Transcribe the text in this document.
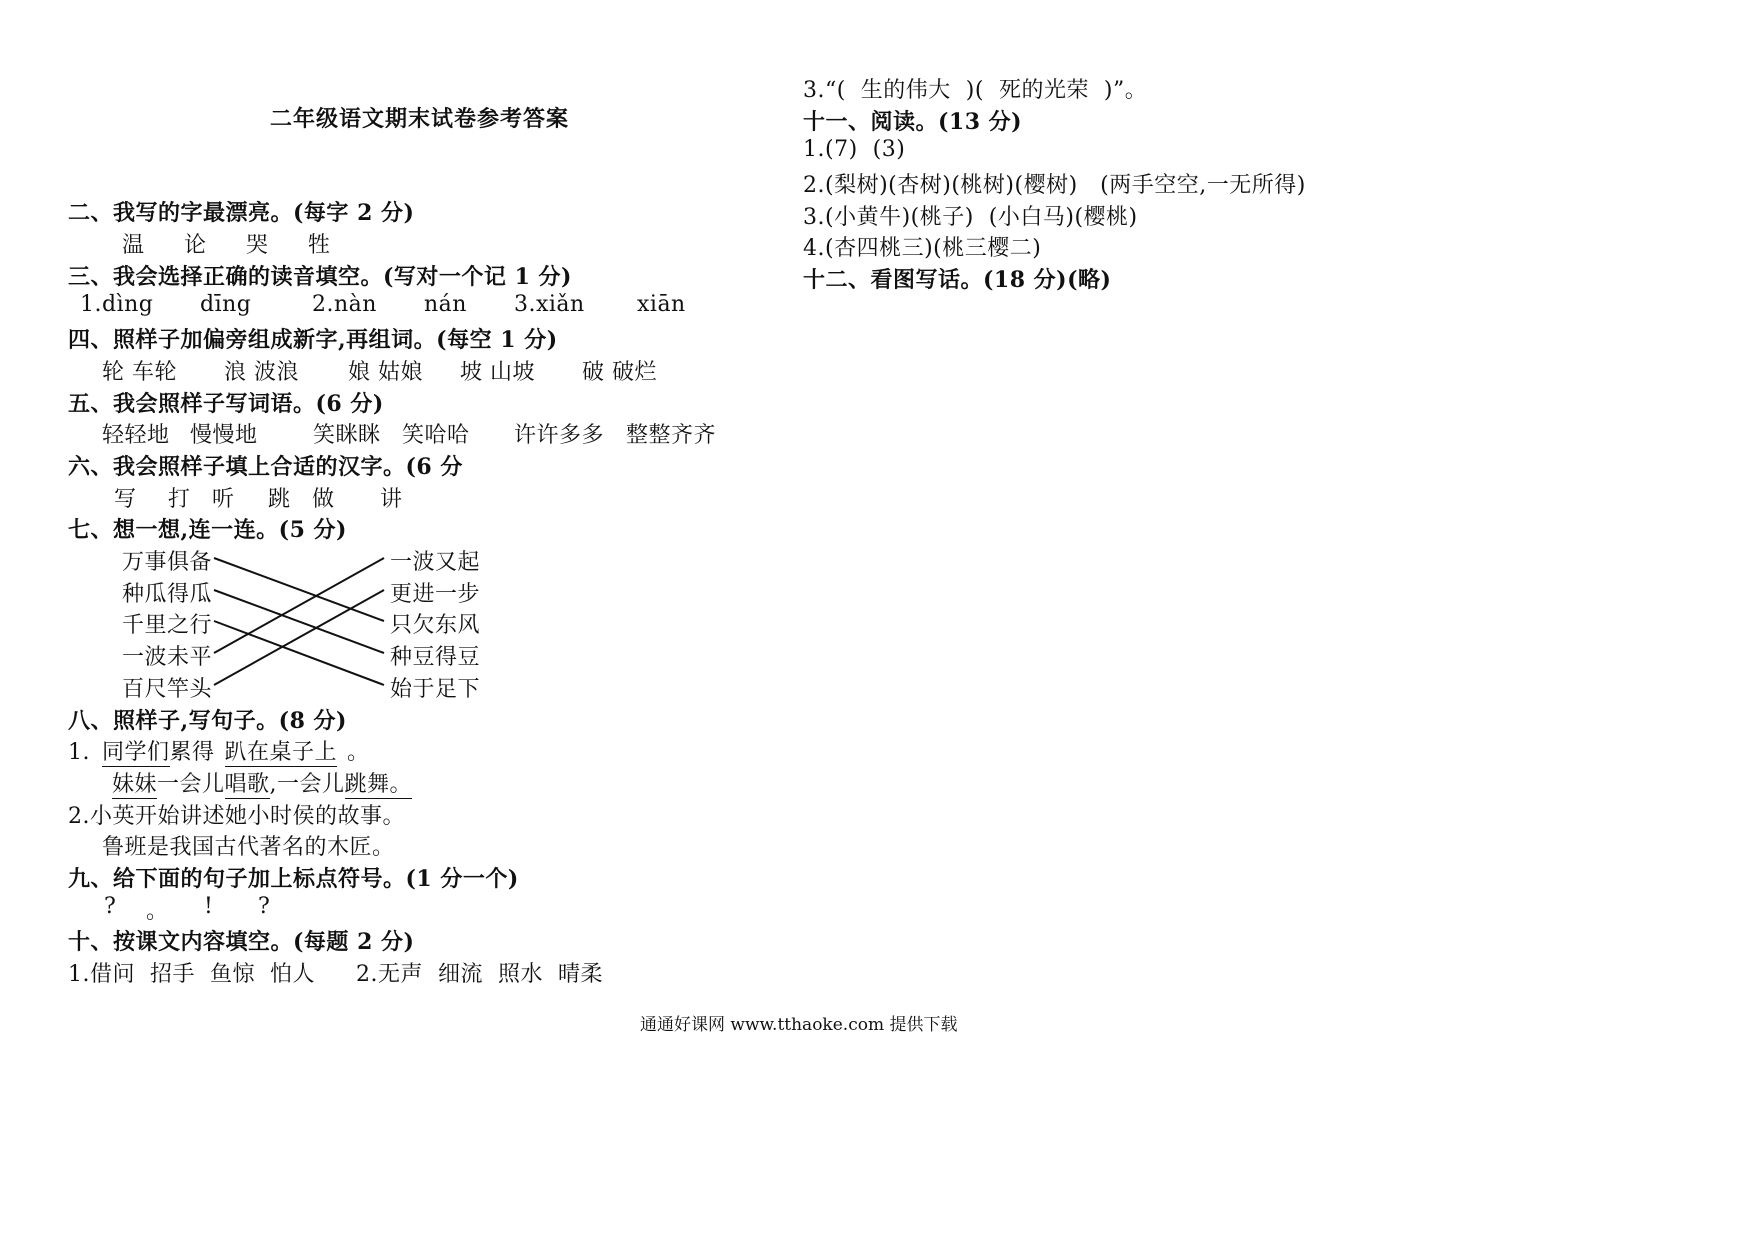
二年级语文期末试卷参考答案
二、我写的字最漂亮。(每字 2 分)
温 论 哭 牲
三、我会选择正确的读音填空。(写对一个记 1 分)
1.dìng dīng	2.nàn nán 3.xiǎn xiān
四、照样子加偏旁组成新字,再组词。(每空 1 分)
轮 车轮 浪 波浪 娘 姑娘 坡 山坡 破 破烂
五、我会照样子写词语。(6 分)
轻轻地 慢慢地	笑眯眯 笑哈哈 许许多多 整整齐齐
六、我会照样子填上合适的汉字。(6 分
写 打 听 跳 做 讲
七、想一想,连一连。(5 分)
万事俱备
种瓜得瓜
千里之行
一波未平
百尺竿头
一波又起
更进一步
只欠东风
种豆得豆
始于足下
八、照样子,写句子。(8 分)
1. 同学们累得 趴在桌子上 。
妹妹一会儿唱歌,一会儿跳舞。
2.小英开始讲述她小时侯的故事。
鲁班是我国古代著名的木匠。
九、给下面的句子加上标点符号。(1 分一个)
? 。 ! ?
十、按课文内容填空。(每题 2 分)
1.借问  招手  鱼惊  怕人 2.无声  细流  照水  晴柔
3.“(  生的伟大  )(  死的光荣  )”。
十一、阅读。(13 分)
1.(7)  (3)
2.(梨树)(杏树)(桃树)(樱树)   (两手空空,一无所得)
3.(小黄牛)(桃子)  (小白马)(樱桃)
4.(杏四桃三)(桃三樱二)
十二、看图写话。(18 分)(略)
通通好课网 www.tthaoke.com 提供下载
